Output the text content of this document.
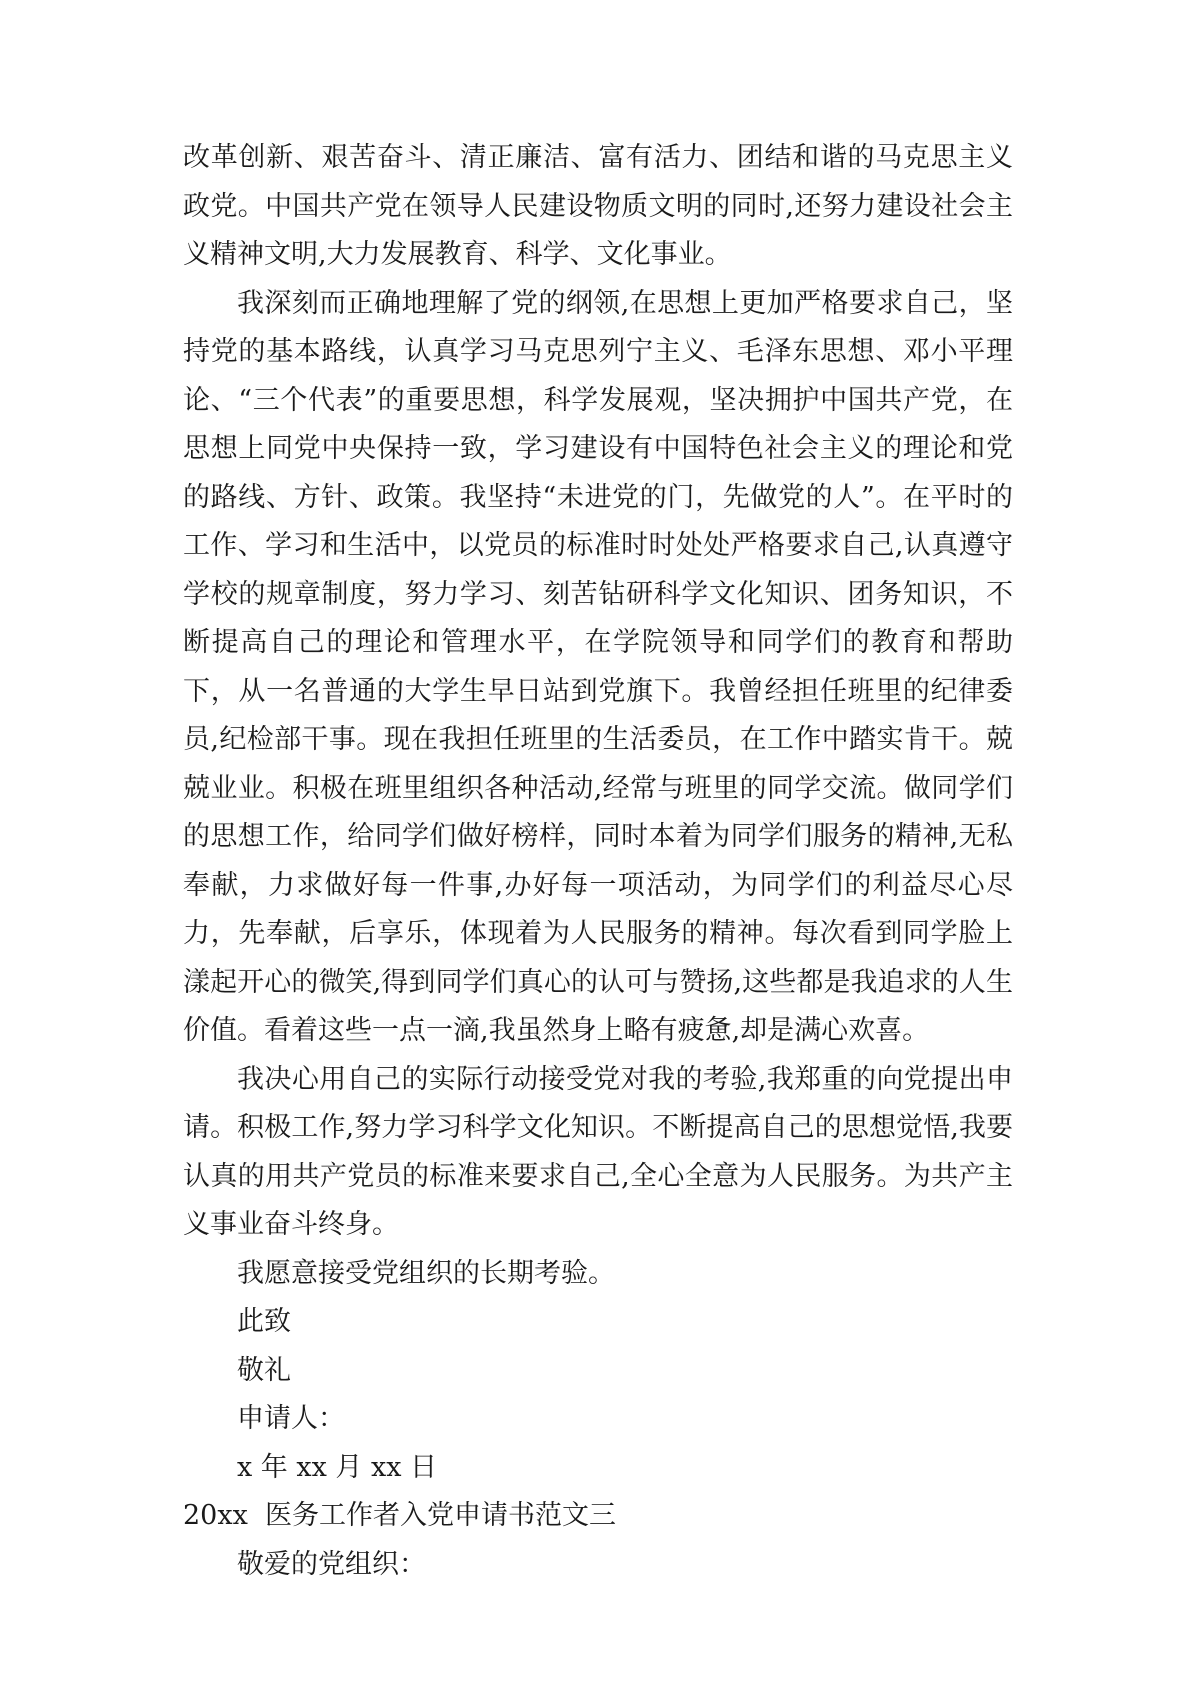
改革创新、艰苦奋斗、清正廉洁、富有活力、团结和谐的马克思主义政党。中国共产党在领导人民建设物质文明的同时,还努力建设社会主义精神文明,大力发展教育、科学、文化事业。

我深刻而正确地理解了党的纲领,在思想上更加严格要求自己，坚持党的基本路线，认真学习马克思列宁主义、毛泽东思想、邓小平理论、“三个代表”的重要思想，科学发展观，坚决拥护中国共产党，在思想上同党中央保持一致，学习建设有中国特色社会主义的理论和党的路线、方针、政策。我坚持“未进党的门，先做党的人”。在平时的工作、学习和生活中，以党员的标准时时处处严格要求自己,认真遵守学校的规章制度，努力学习、刻苦钻研科学文化知识、团务知识，不断提高自己的理论和管理水平，在学院领导和同学们的教育和帮助下，从一名普通的大学生早日站到党旗下。我曾经担任班里的纪律委员,纪检部干事。现在我担任班里的生活委员，在工作中踏实肯干。兢兢业业。积极在班里组织各种活动,经常与班里的同学交流。做同学们的思想工作，给同学们做好榜样，同时本着为同学们服务的精神,无私奉献，力求做好每一件事,办好每一项活动，为同学们的利益尽心尽力，先奉献，后享乐，体现着为人民服务的精神。每次看到同学脸上漾起开心的微笑,得到同学们真心的认可与赞扬,这些都是我追求的人生价值。看着这些一点一滴,我虽然身上略有疲惫,却是满心欢喜。

我决心用自己的实际行动接受党对我的考验,我郑重的向党提出申请。积极工作,努力学习科学文化知识。不断提高自己的思想觉悟,我要认真的用共产党员的标准来要求自己,全心全意为人民服务。为共产主义事业奋斗终身。

我愿意接受党组织的长期考验。

此致

敬礼

申请人：

x 年 xx 月 xx 日

20xx  医务工作者入党申请书范文三

敬爱的党组织：
